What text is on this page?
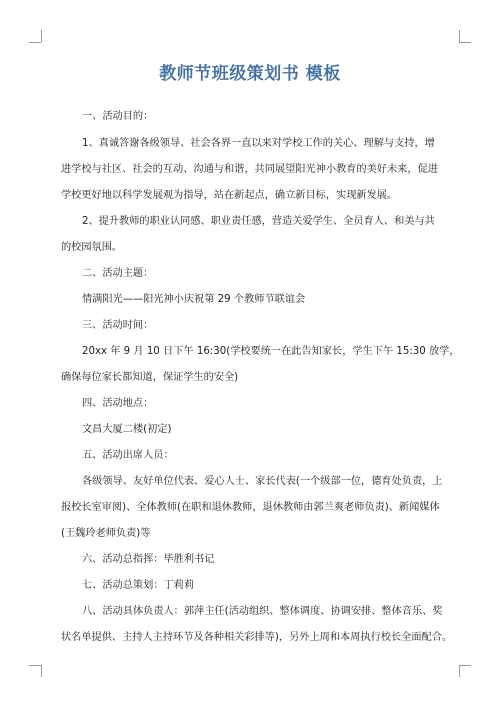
教师节班级策划书 模板
一、活动目的：
1、真诚答谢各级领导、社会各界一直以来对学校工作的关心、理解与支持，增
进学校与社区、社会的互动、沟通与和谐，共同展望阳光神小教育的美好未来，促进
学校更好地以科学发展观为指导，站在新起点，确立新目标，实现新发展。
2、提升教师的职业认同感、职业责任感，营造关爱学生、全员育人、和美与共
的校园氛围。
二、活动主题：
情满阳光——阳光神小庆祝第 29 个教师节联谊会
三、活动时间：
20xx 年 9 月 10 日下午 16:30(学校要统一在此告知家长，学生下午 15:30 放学，
确保每位家长都知道，保证学生的安全)
四、活动地点：
文昌大厦二楼(初定)
五、活动出席人员：
各级领导、友好单位代表、爱心人士、家长代表(一个级部一位，德育处负责，上
报校长室审阅)、全体教师(在职和退休教师，退休教师由郭兰爽老师负责)、新闻媒体
(王魏玲老师负责)等
六、活动总指挥：毕胜利书记
七、活动总策划：丁莉莉
八、活动具体负责人：郭萍主任(活动组织、整体调度、协调安排、整体音乐、奖
状名单提供、主持人主持环节及各种相关彩排等)，另外上周和本周执行校长全面配合。
